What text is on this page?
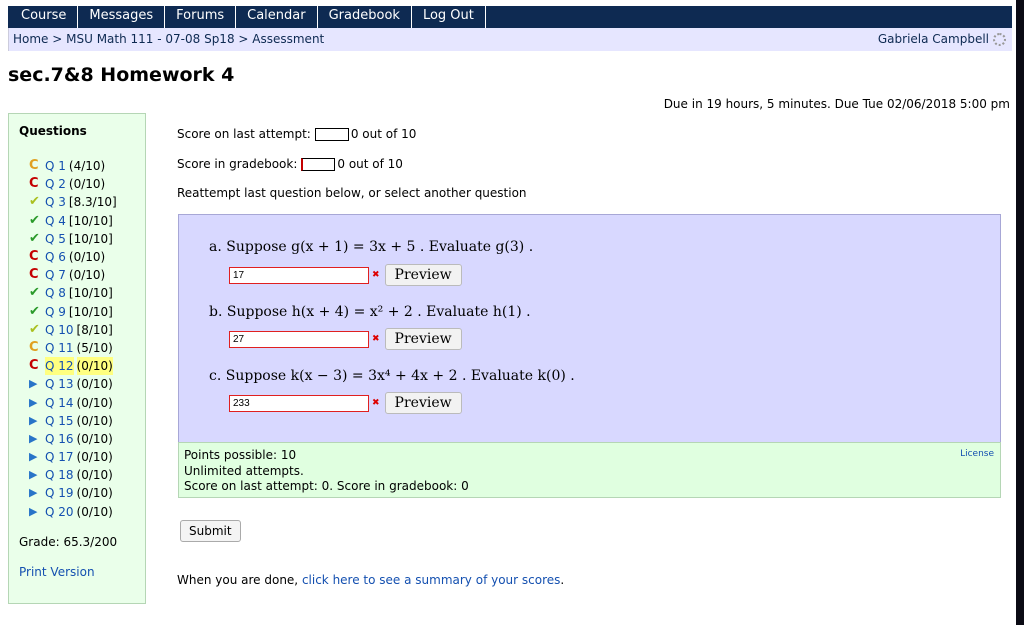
Course	Messages	Forums	Calendar	Gradebook	Log Out
Home > MSU Math 111 - 07-08 Sp18 > Assessment	Gabriela Campbell
sec.7&8 Homework 4
Due in 19 hours, 5 minutes. Due Tue 02/06/2018 5:00 pm
Questions
C Q 1 (4/10)
C Q 2 (0/10)
✔ Q 3 [8.3/10]
✔ Q 4 [10/10]
✔ Q 5 [10/10]
C Q 6 (0/10)
C Q 7 (0/10)
✔ Q 8 [10/10]
✔ Q 9 [10/10]
✔ Q 10 [8/10]
C Q 11 (5/10)
C Q 12 (0/10)
▶ Q 13 (0/10)
▶ Q 14 (0/10)
▶ Q 15 (0/10)
▶ Q 16 (0/10)
▶ Q 17 (0/10)
▶ Q 18 (0/10)
▶ Q 19 (0/10)
▶ Q 20 (0/10)
Grade: 65.3/200
Print Version
Score on last attempt:	0 out of 10
Score in gradebook:	0 out of 10
Reattempt last question below, or select another question
a. Suppose g(x + 1) = 3x + 5 . Evaluate g(3) .
17	✖	Preview
b. Suppose h(x + 4) = x² + 2 . Evaluate h(1) .
27	✖	Preview
c. Suppose k(x − 3) = 3x⁴ + 4x + 2 . Evaluate k(0) .
233	✖	Preview
Points possible: 10
Unlimited attempts.
Score on last attempt: 0. Score in gradebook: 0
License
Submit
When you are done, click here to see a summary of your scores.
